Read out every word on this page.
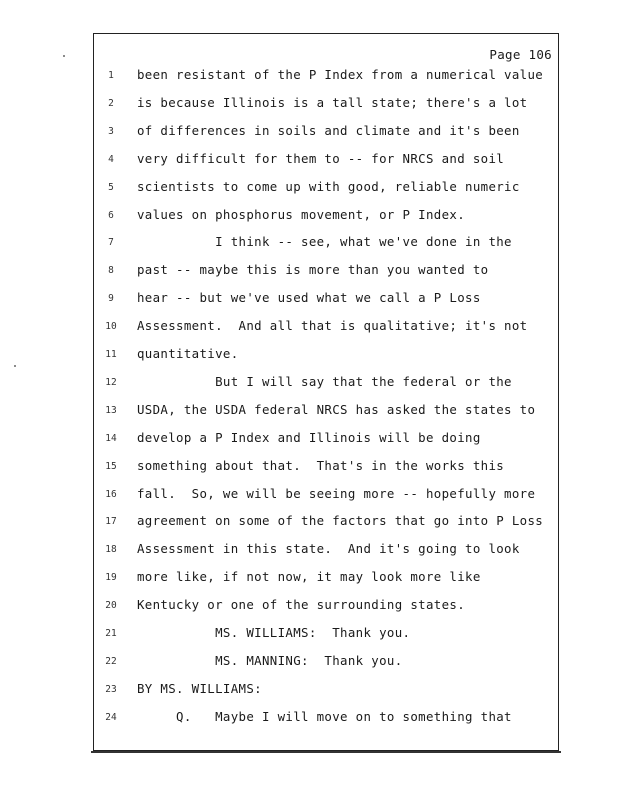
Page 106
1	been resistant of the P Index from a numerical value
2	is because Illinois is a tall state; there's a lot
3	of differences in soils and climate and it's been
4	very difficult for them to -- for NRCS and soil
5	scientists to come up with good, reliable numeric
6	values on phosphorus movement, or P Index.
7	I think -- see, what we've done in the
8	past -- maybe this is more than you wanted to
9	hear -- but we've used what we call a P Loss
10	Assessment.  And all that is qualitative; it's not
11	quantitative.
12	But I will say that the federal or the
13	USDA, the USDA federal NRCS has asked the states to
14	develop a P Index and Illinois will be doing
15	something about that.  That's in the works this
16	fall.  So, we will be seeing more -- hopefully more
17	agreement on some of the factors that go into P Loss
18	Assessment in this state.  And it's going to look
19	more like, if not now, it may look more like
20	Kentucky or one of the surrounding states.
21	MS. WILLIAMS:  Thank you.
22	MS. MANNING:  Thank you.
23	BY MS. WILLIAMS:
24	Q.   Maybe I will move on to something that
